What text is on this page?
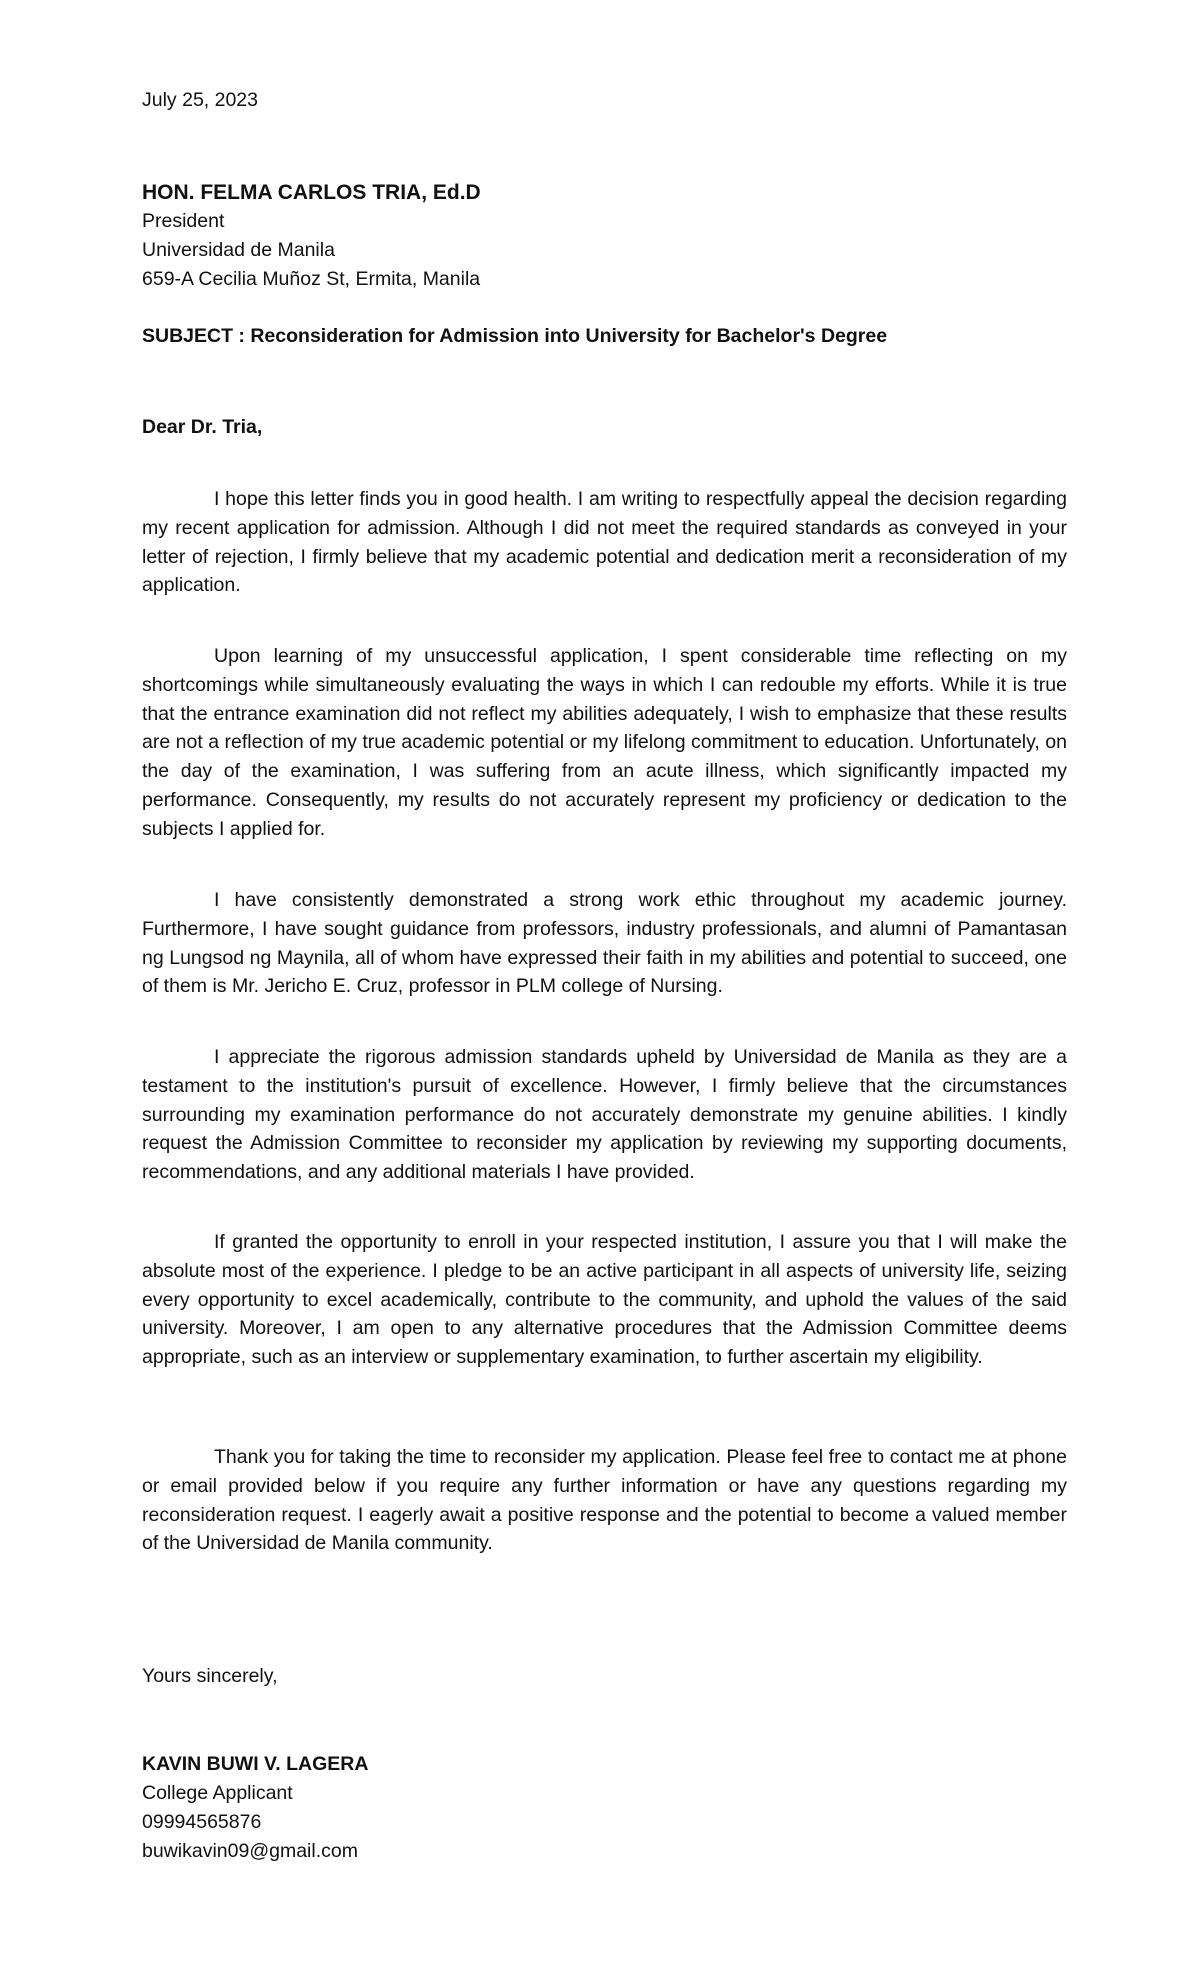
July 25, 2023
HON. FELMA CARLOS TRIA, Ed.D
President
Universidad de Manila
659-A Cecilia Muñoz St, Ermita, Manila
SUBJECT : Reconsideration for Admission into University for Bachelor's Degree
Dear Dr. Tria,

I hope this letter finds you in good health. I am writing to respectfully appeal the decision regarding my recent application for admission. Although I did not meet the required standards as conveyed in your letter of rejection, I firmly believe that my academic potential and dedication merit a reconsideration of my application.

Upon learning of my unsuccessful application, I spent considerable time reflecting on my shortcomings while simultaneously evaluating the ways in which I can redouble my efforts. While it is true that the entrance examination did not reflect my abilities adequately, I wish to emphasize that these results are not a reflection of my true academic potential or my lifelong commitment to education. Unfortunately, on the day of the examination, I was suffering from an acute illness, which significantly impacted my performance. Consequently, my results do not accurately represent my proficiency or dedication to the subjects I applied for.

I have consistently demonstrated a strong work ethic throughout my academic journey. Furthermore, I have sought guidance from professors, industry professionals, and alumni of Pamantasan ng Lungsod ng Maynila, all of whom have expressed their faith in my abilities and potential to succeed, one of them is Mr. Jericho E. Cruz, professor in PLM college of Nursing.

I appreciate the rigorous admission standards upheld by Universidad de Manila as they are a testament to the institution's pursuit of excellence. However, I firmly believe that the circumstances surrounding my examination performance do not accurately demonstrate my genuine abilities. I kindly request the Admission Committee to reconsider my application by reviewing my supporting documents, recommendations, and any additional materials I have provided.

If granted the opportunity to enroll in your respected institution, I assure you that I will make the absolute most of the experience. I pledge to be an active participant in all aspects of university life, seizing every opportunity to excel academically, contribute to the community, and uphold the values of the said university. Moreover, I am open to any alternative procedures that the Admission Committee deems appropriate, such as an interview or supplementary examination, to further ascertain my eligibility.

Thank you for taking the time to reconsider my application. Please feel free to contact me at phone or email provided below if you require any further information or have any questions regarding my reconsideration request. I eagerly await a positive response and the potential to become a valued member of the Universidad de Manila community.

Yours sincerely,
KAVIN BUWI V. LAGERA
College Applicant
09994565876
buwikavin09@gmail.com
